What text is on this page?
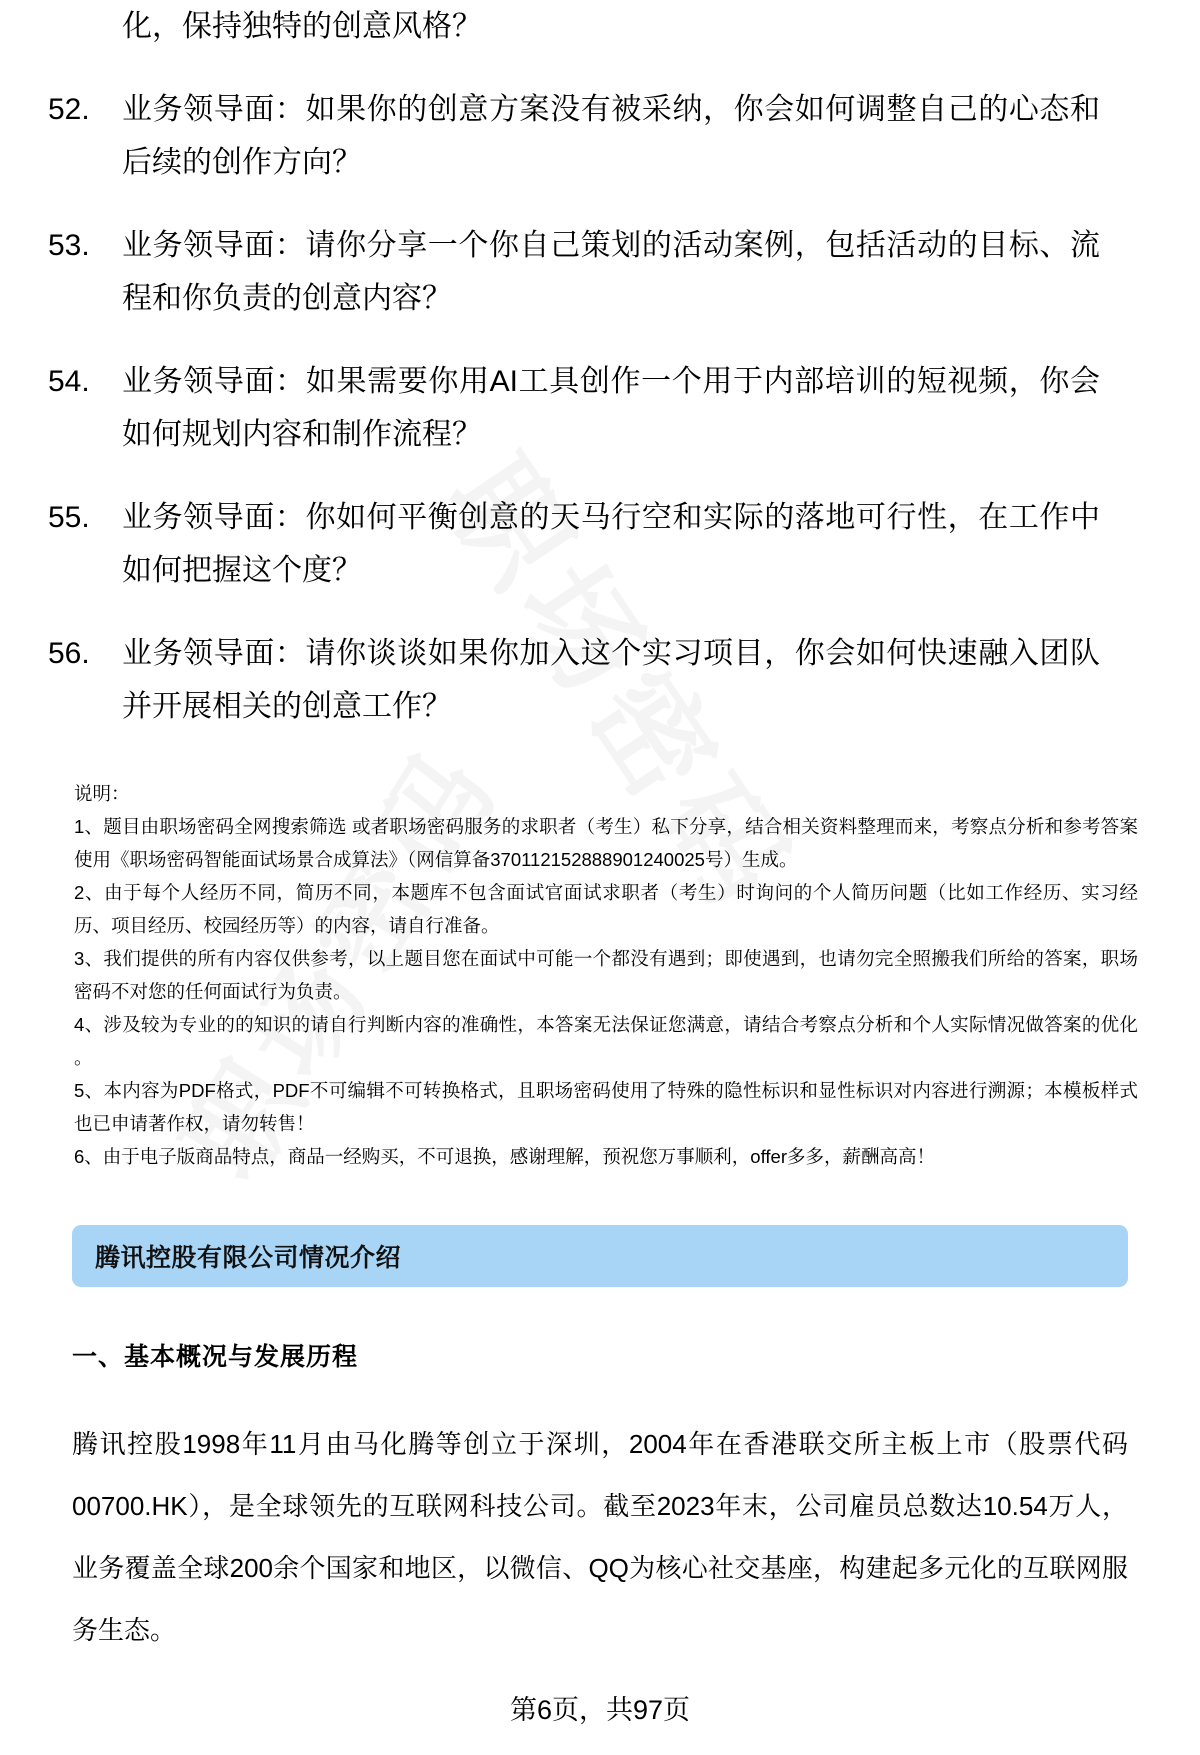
化，保持独特的创意风格？
52.	业务领导面：如果你的创意方案没有被采纳，你会如何调整自己的心态和后续的创作方向？
53.	业务领导面：请你分享一个你自己策划的活动案例，包括活动的目标、流程和你负责的创意内容？
54.	业务领导面：如果需要你用AI工具创作一个用于内部培训的短视频，你会如何规划内容和制作流程？
55.	业务领导面：你如何平衡创意的天马行空和实际的落地可行性，在工作中如何把握这个度？
56.	业务领导面：请你谈谈如果你加入这个实习项目，你会如何快速融入团队并开展相关的创意工作？
说明：
1、题目由职场密码全网搜索筛选 或者职场密码服务的求职者（考生）私下分享，结合相关资料整理而来，考察点分析和参考答案使用《职场密码智能面试场景合成算法》（网信算备370112152888901240025号）生成。
2、由于每个人经历不同，简历不同，本题库不包含面试官面试求职者（考生）时询问的个人简历问题（比如工作经历、实习经历、项目经历、校园经历等）的内容，请自行准备。
3、我们提供的所有内容仅供参考，以上题目您在面试中可能一个都没有遇到；即使遇到，也请勿完全照搬我们所给的答案，职场密码不对您的任何面试行为负责。
4、涉及较为专业的的知识的请自行判断内容的准确性，本答案无法保证您满意，请结合考察点分析和个人实际情况做答案的优化 。
5、本内容为PDF格式，PDF不可编辑不可转换格式，且职场密码使用了特殊的隐性标识和显性标识对内容进行溯源；本模板样式也已申请著作权，请勿转售！
6、由于电子版商品特点，商品一经购买，不可退换，感谢理解，预祝您万事顺利，offer多多，薪酬高高！
腾讯控股有限公司情况介绍
一、基本概况与发展历程
腾讯控股1998年11月由马化腾等创立于深圳，2004年在香港联交所主板上市（股票代码00700.HK），是全球领先的互联网科技公司。截至2023年末，公司雇员总数达10.54万人，业务覆盖全球200余个国家和地区，以微信、QQ为核心社交基座，构建起多元化的互联网服务生态。
第6页，共97页
